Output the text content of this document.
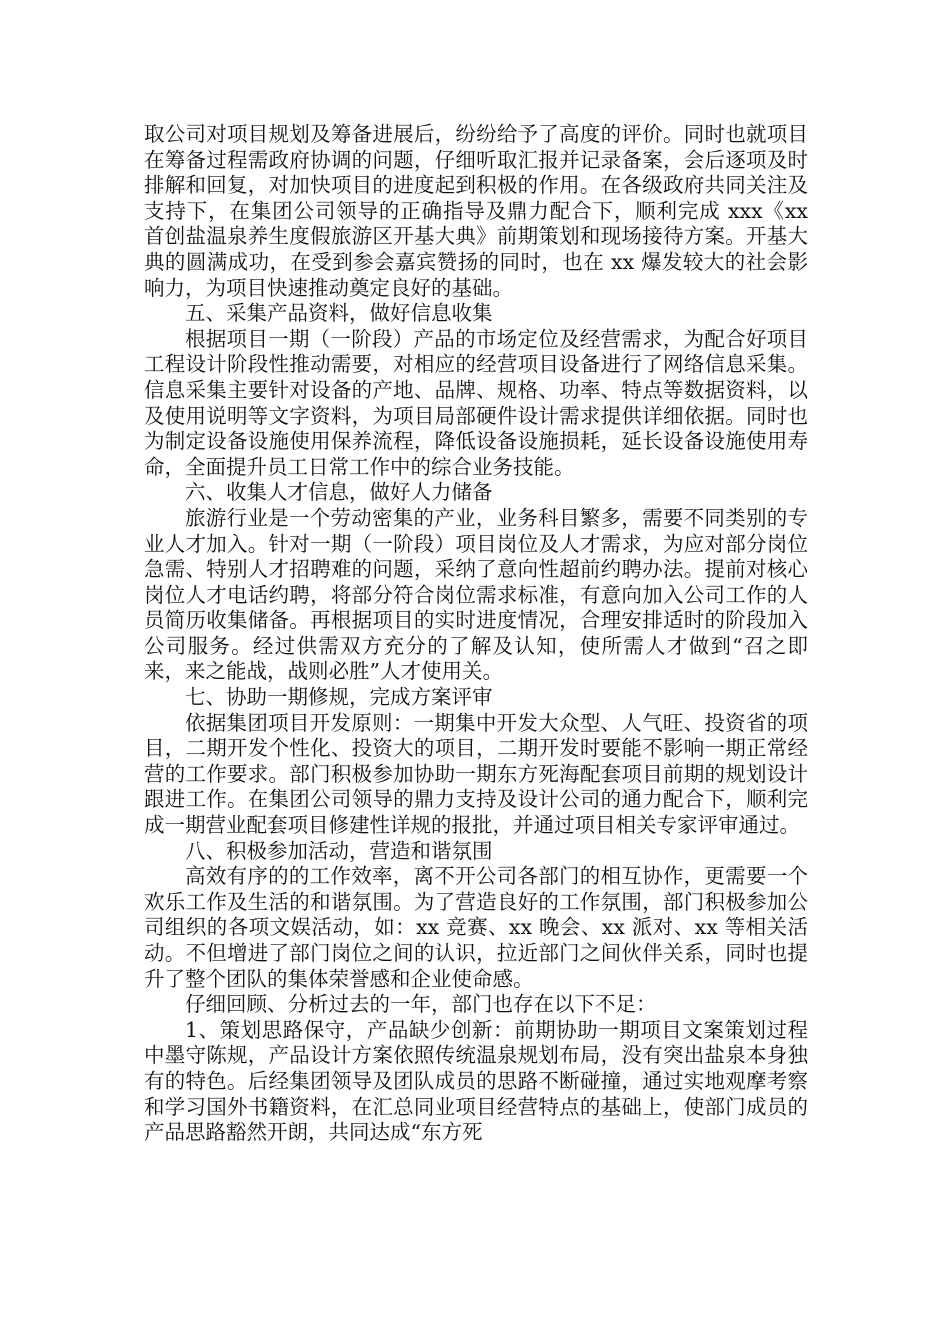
取公司对项目规划及筹备进展后，纷纷给予了高度的评价。同时也就项目在筹备过程需政府协调的问题，仔细听取汇报并记录备案，会后逐项及时排解和回复，对加快项目的进度起到积极的作用。在各级政府共同关注及支持下，在集团公司领导的正确指导及鼎力配合下，顺利完成 xxx《xx 首创盐温泉养生度假旅游区开基大典》前期策划和现场接待方案。开基大典的圆满成功，在受到参会嘉宾赞扬的同时，也在 xx 爆发较大的社会影响力，为项目快速推动奠定良好的基础。

五、采集产品资料，做好信息收集

根据项目一期（一阶段）产品的市场定位及经营需求，为配合好项目工程设计阶段性推动需要，对相应的经营项目设备进行了网络信息采集。信息采集主要针对设备的产地、品牌、规格、功率、特点等数据资料，以及使用说明等文字资料，为项目局部硬件设计需求提供详细依据。同时也为制定设备设施使用保养流程，降低设备设施损耗，延长设备设施使用寿命，全面提升员工日常工作中的综合业务技能。

六、收集人才信息，做好人力储备

旅游行业是一个劳动密集的产业，业务科目繁多，需要不同类别的专业人才加入。针对一期（一阶段）项目岗位及人才需求，为应对部分岗位急需、特别人才招聘难的问题，采纳了意向性超前约聘办法。提前对核心岗位人才电话约聘，将部分符合岗位需求标准，有意向加入公司工作的人员简历收集储备。再根据项目的实时进度情况，合理安排适时的阶段加入公司服务。经过供需双方充分的了解及认知，使所需人才做到“召之即来，来之能战，战则必胜”人才使用关。

七、协助一期修规，完成方案评审

依据集团项目开发原则：一期集中开发大众型、人气旺、投资省的项目，二期开发个性化、投资大的项目，二期开发时要能不影响一期正常经营的工作要求。部门积极参加协助一期东方死海配套项目前期的规划设计跟进工作。在集团公司领导的鼎力支持及设计公司的通力配合下，顺利完成一期营业配套项目修建性详规的报批，并通过项目相关专家评审通过。

八、积极参加活动，营造和谐氛围

高效有序的的工作效率，离不开公司各部门的相互协作，更需要一个欢乐工作及生活的和谐氛围。为了营造良好的工作氛围，部门积极参加公司组织的各项文娱活动，如：xx 竞赛、xx 晚会、xx 派对、xx 等相关活动。不但增进了部门岗位之间的认识，拉近部门之间伙伴关系，同时也提升了整个团队的集体荣誉感和企业使命感。

仔细回顾、分析过去的一年，部门也存在以下不足：

1、策划思路保守，产品缺少创新：前期协助一期项目文案策划过程中墨守陈规，产品设计方案依照传统温泉规划布局，没有突出盐泉本身独有的特色。后经集团领导及团队成员的思路不断碰撞，通过实地观摩考察和学习国外书籍资料，在汇总同业项目经营特点的基础上，使部门成员的产品思路豁然开朗，共同达成“东方死
